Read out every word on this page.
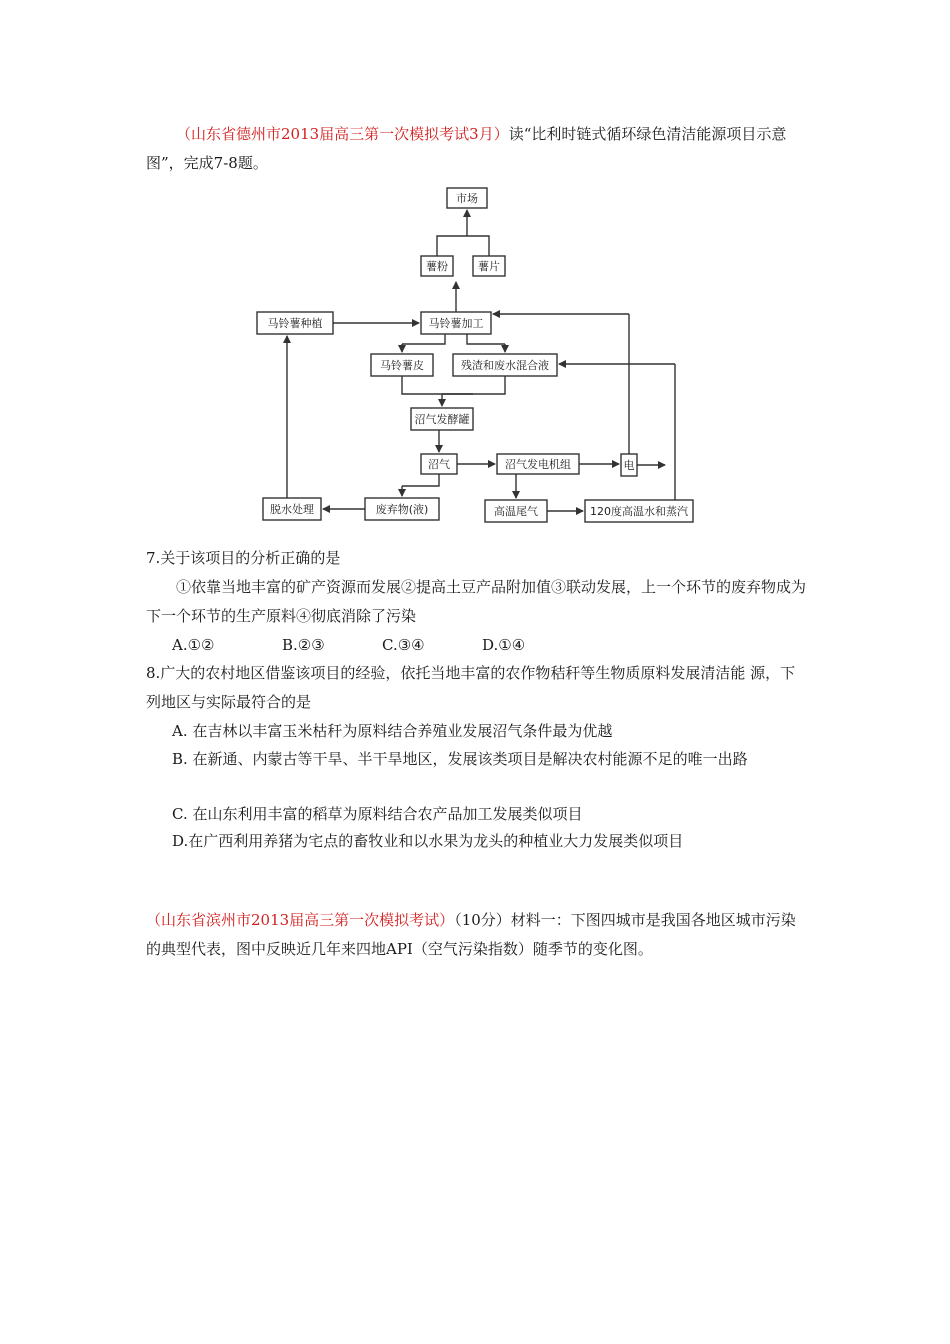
（山东省德州市2013届高三第一次模拟考试3月）读“比利时链式循环绿色清洁能源项目示意图”，完成7-8题。

市场
薯粉	薯片
马铃薯种植	马铃薯加工
马铃薯皮	残渣和废水混合液
沼气发酵罐
沼气	沼气发电机组	电
脱水处理	废弃物(液)	高温尾气	120度高温水和蒸汽
7.关于该项目的分析正确的是

①依靠当地丰富的矿产资源而发展②提高土豆产品附加值③联动发展，上一个环节的废弃物成为下一个环节的生产原料④彻底消除了污染

A.①②	B.②③	C.③④	D.①④

8.广大的农村地区借鉴该项目的经验，依托当地丰富的农作物秸秆等生物质原料发展清洁能 源，下列地区与实际最符合的是

A. 在吉林以丰富玉米枯秆为原料结合养殖业发展沼气条件最为优越

B. 在新通、内蒙古等干旱、半干旱地区，发展该类项目是解决农村能源不足的唯一出路

C. 在山东利用丰富的稻草为原料结合农产品加工发展类似项目
D.在广西利用养猪为宅点的畜牧业和以水果为龙头的种植业大力发展类似项目

（山东省滨州市2013届高三第一次模拟考试）（10分）材料一：下图四城市是我国各地区城市污染的典型代表，图中反映近几年来四地API（空气污染指数）随季节的变化图。
